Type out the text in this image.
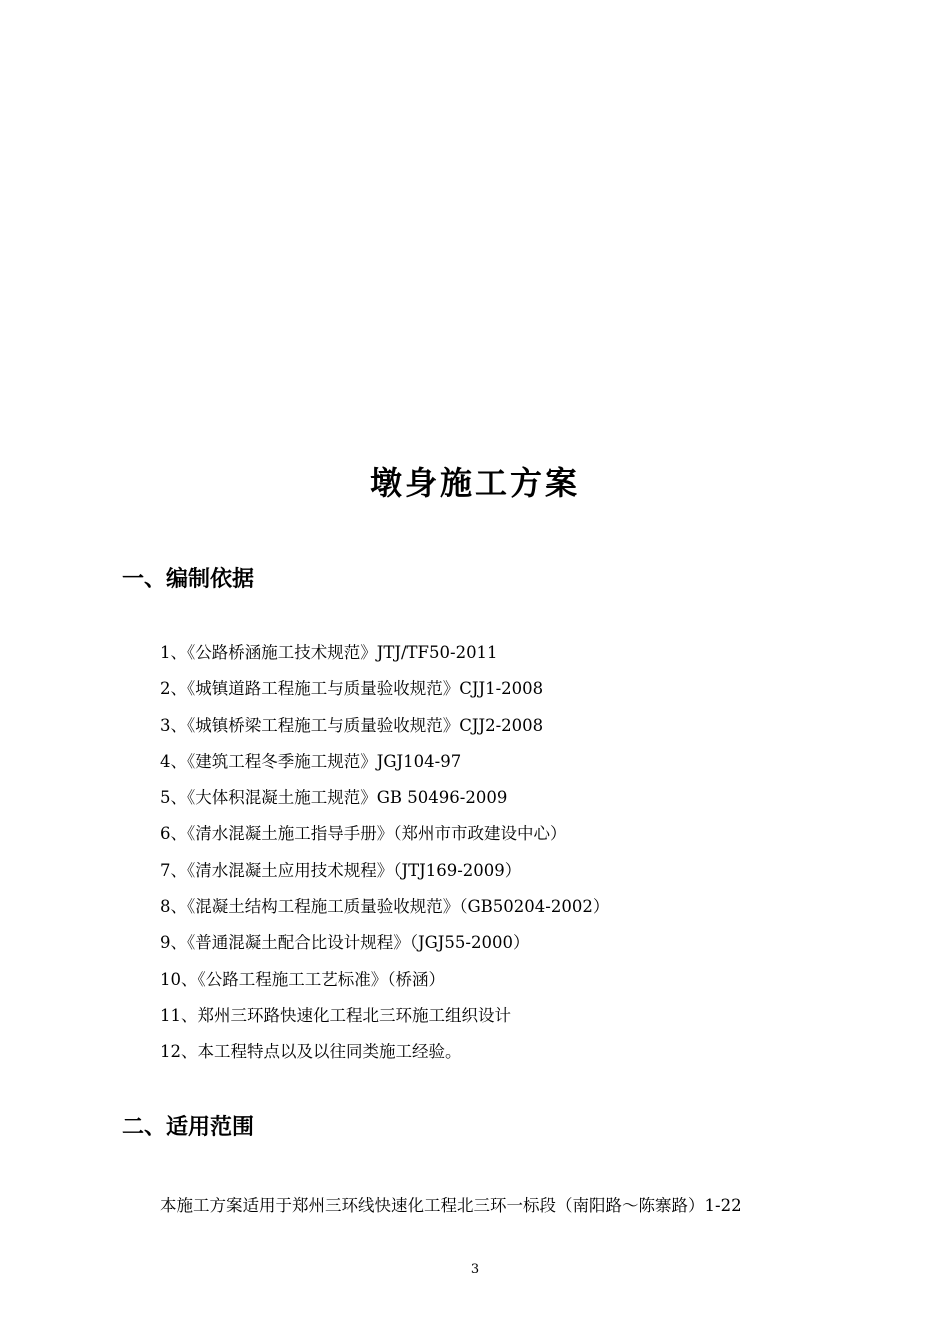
墩身施工方案
一、编制依据
1、《公路桥涵施工技术规范》JTJ/TF50-2011
2、《城镇道路工程施工与质量验收规范》CJJ1-2008
3、《城镇桥梁工程施工与质量验收规范》CJJ2-2008
4、《建筑工程冬季施工规范》JGJ104-97
5、《大体积混凝土施工规范》GB 50496-2009
6、《清水混凝土施工指导手册》（郑州市市政建设中心）
7、《清水混凝土应用技术规程》（JTJ169-2009）
8、《混凝土结构工程施工质量验收规范》（GB50204-2002）
9、《普通混凝土配合比设计规程》（JGJ55-2000）
10、《公路工程施工工艺标准》（桥涵）
11、郑州三环路快速化工程北三环施工组织设计
12、本工程特点以及以往同类施工经验。
二、适用范围
本施工方案适用于郑州三环线快速化工程北三环一标段（南阳路～陈寨路）1-22
3
